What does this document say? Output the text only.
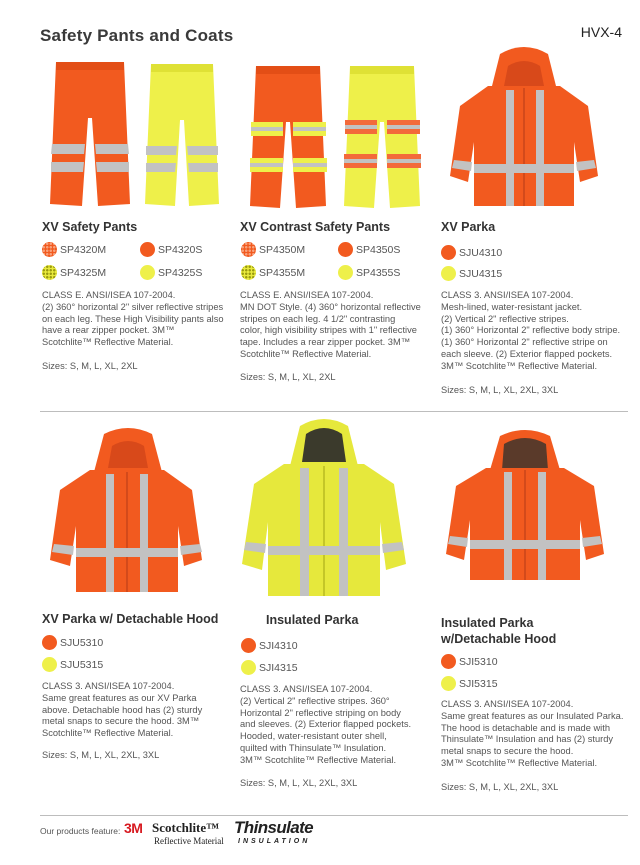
Safety Pants and Coats	HVX-4
XV Safety Pants
SP4320M	SP4320S
SP4325M	SP4325S
CLASS E. ANSI/ISEA 107-2004.
(2) 360° horizontal 2" silver reflective stripes
on each leg. These High Visibility pants also
have a rear zipper pocket. 3M™
Scotchlite™ Reflective Material.
Sizes: S, M, L, XL, 2XL
XV Contrast Safety Pants
SP4350M	SP4350S
SP4355M	SP4355S
CLASS E. ANSI/ISEA 107-2004.
MN DOT Style. (4) 360° horizontal reflective
stripes on each leg. 4 1/2" contrasting
color, high visibility stripes with 1" reflective
tape. Includes a rear zipper pocket. 3M™
Scotchlite™ Reflective Material.
Sizes: S, M, L, XL, 2XL
XV Parka
SJU4310
SJU4315
CLASS 3. ANSI/ISEA 107-2004.
Mesh-lined, water-resistant jacket.
(2) Vertical 2" reflective stripes.
(1) 360° Horizontal 2" reflective body stripe.
(1) 360° Horizontal 2" reflective stripe on
each sleeve. (2) Exterior flapped pockets.
3M™ Scotchlite™ Reflective Material.
Sizes: S, M, L, XL, 2XL, 3XL
XV Parka w/ Detachable Hood
SJU5310
SJU5315
CLASS 3. ANSI/ISEA 107-2004.
Same great features as our XV Parka
above. Detachable hood has (2) sturdy
metal snaps to secure the hood. 3M™
Scotchlite™ Reflective Material.
Sizes: S, M, L, XL, 2XL, 3XL
Insulated Parka
SJI4310
SJI4315
CLASS 3. ANSI/ISEA 107-2004.
(2) Vertical 2" reflective stripes. 360°
Horizontal 2" reflective striping on body
and sleeves. (2) Exterior flapped pockets.
Hooded, water-resistant outer shell,
quilted with Thinsulate™ Insulation.
3M™ Scotchlite™ Reflective Material.
Sizes: S, M, L, XL, 2XL, 3XL
Insulated Parka
w/Detachable Hood
SJI5310
SJI5315
CLASS 3. ANSI/ISEA 107-2004.
Same great features as our Insulated Parka.
The hood is detachable and is made with
Thinsulate™ Insulation and has (2) sturdy
metal snaps to secure the hood.
3M™ Scotchlite™ Reflective Material.
Sizes: S, M, L, XL, 2XL, 3XL
Our products feature: 3M Scotchlite™
Reflective Material
Thinsulate
INSULATION
